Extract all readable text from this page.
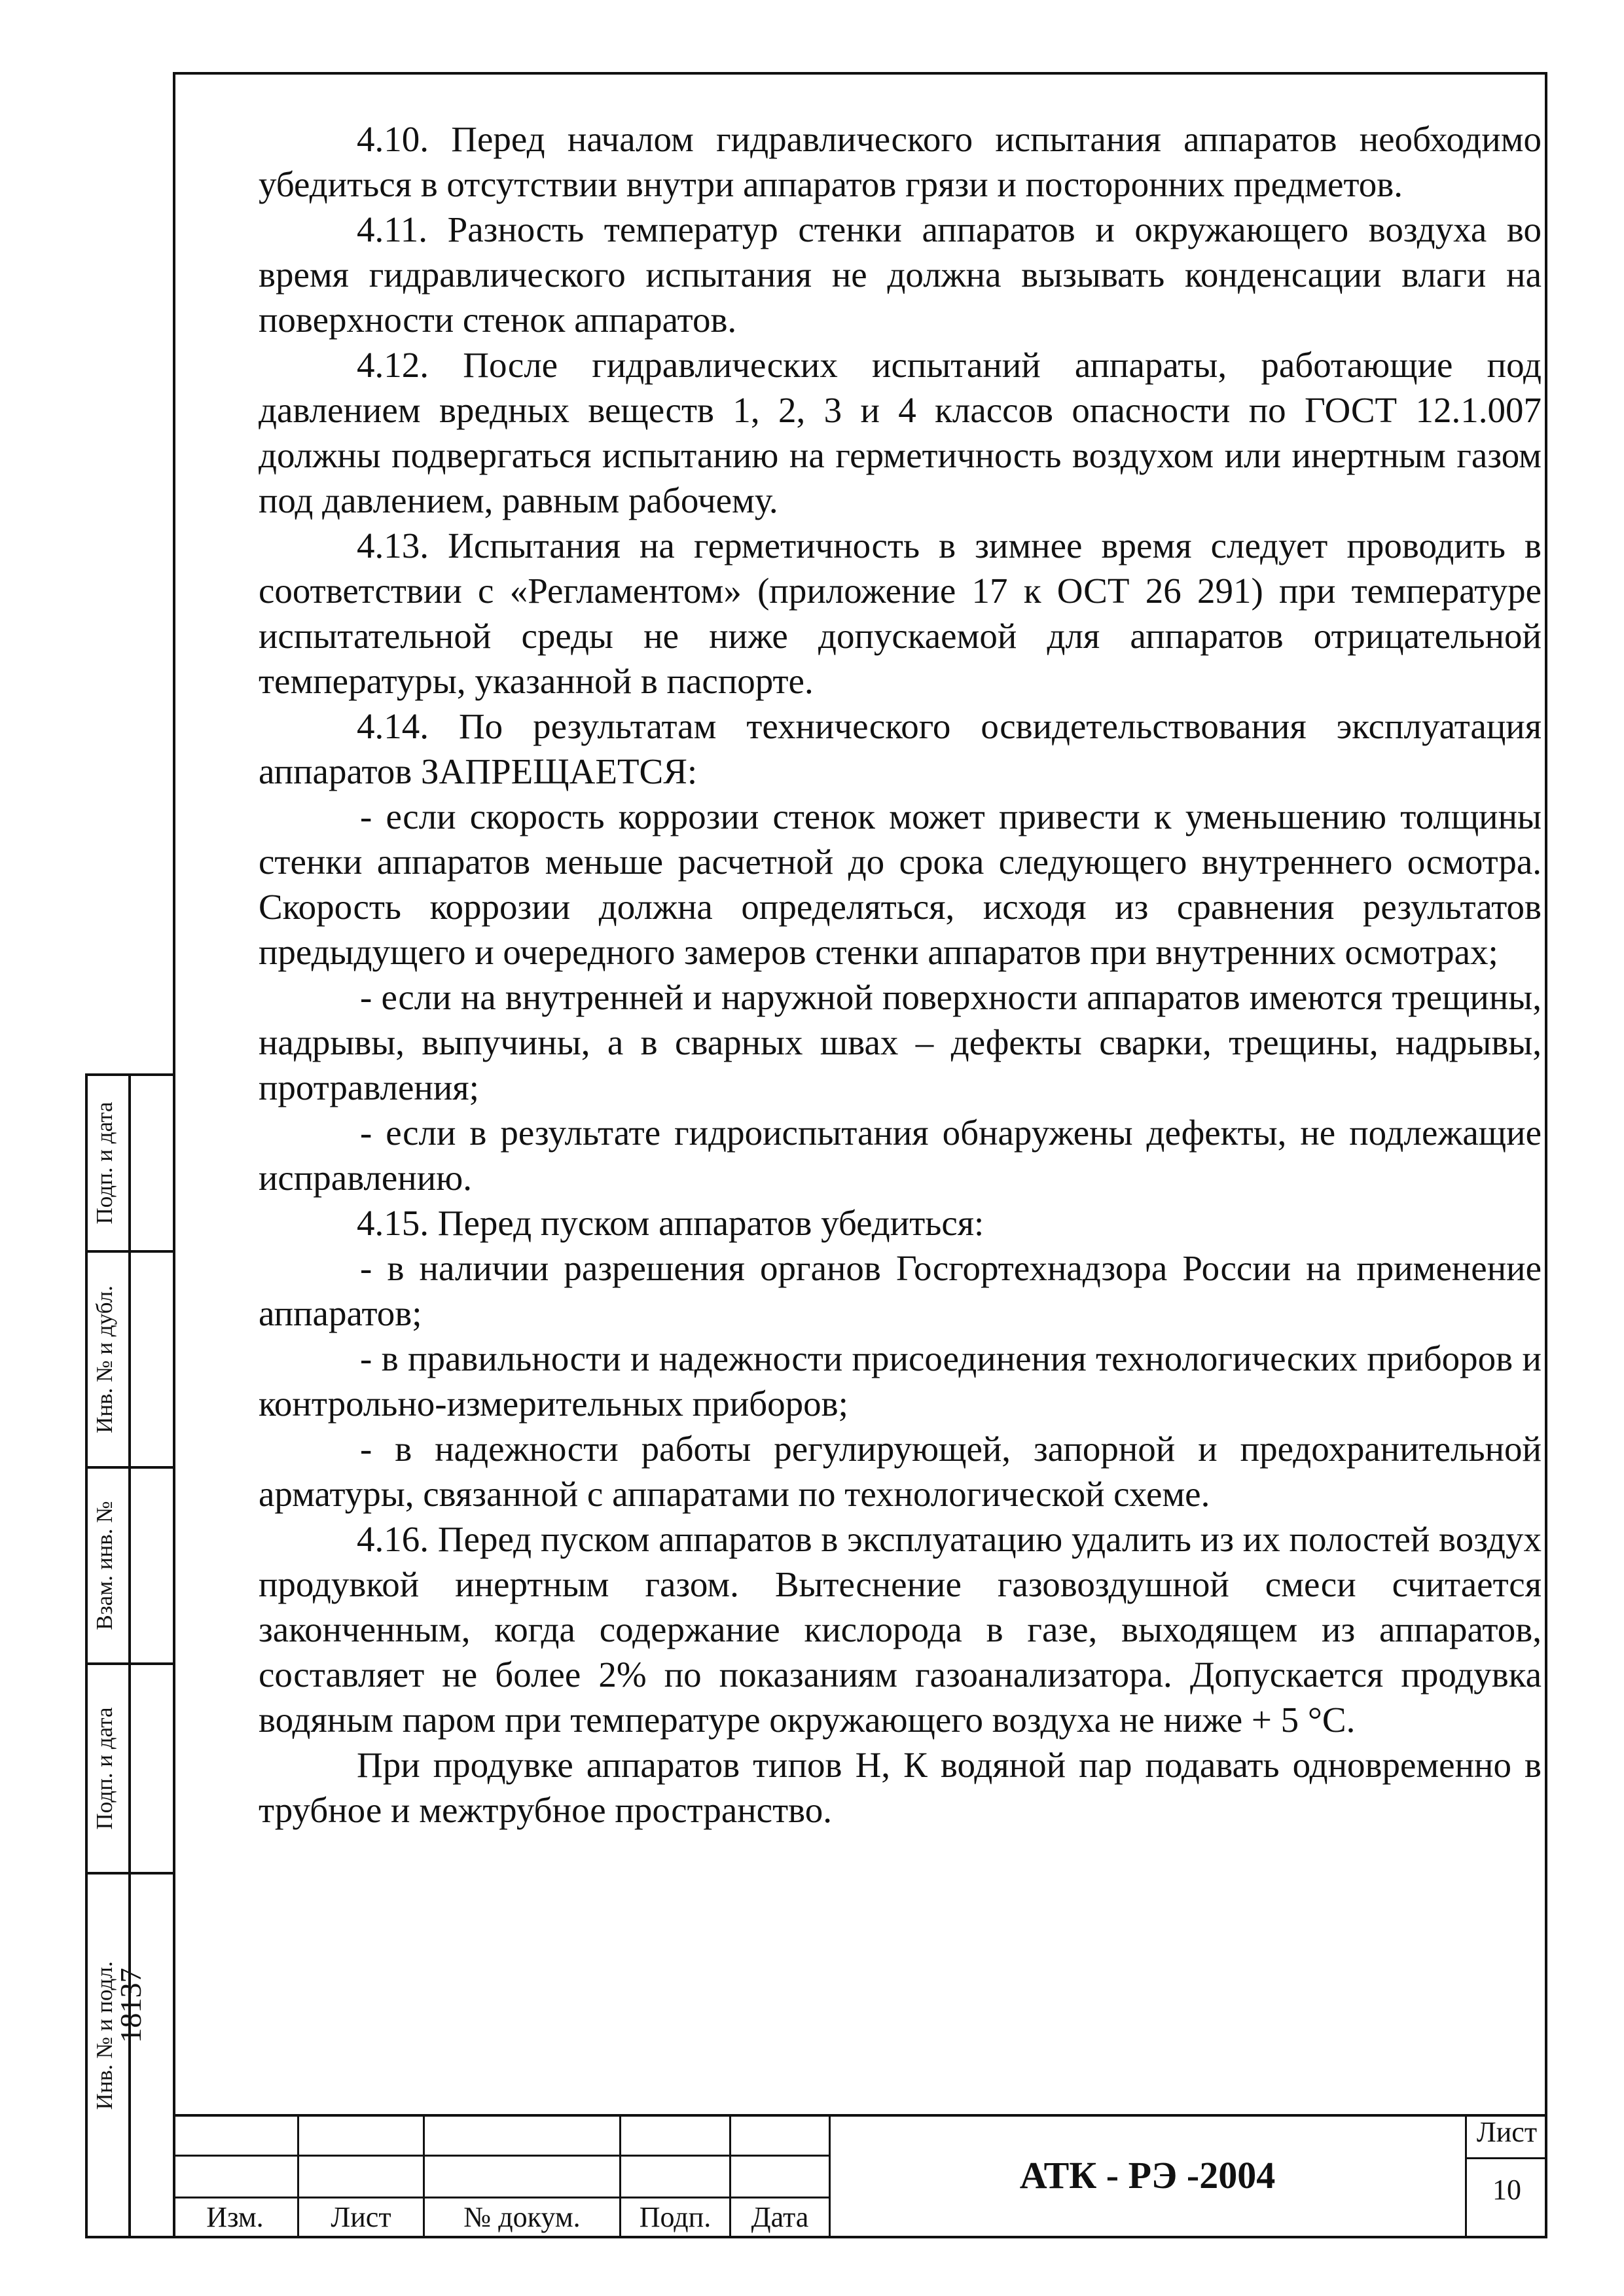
4.10. Перед началом гидравлического испытания аппаратов необходимо убедиться в отсутствии внутри аппаратов грязи и посторонних предметов.

4.11. Разность температур стенки аппаратов и окружающего воздуха во время гидравлического испытания не должна вызывать конденсации влаги на поверхности стенок аппаратов.

4.12. После гидравлических испытаний аппараты, работающие под давлением вредных веществ 1, 2, 3 и 4 классов опасности по ГОСТ 12.1.007 должны подвергаться испытанию на герметичность воздухом или инертным газом под давлением, равным рабочему.

4.13. Испытания на герметичность в зимнее время следует проводить в соответствии с «Регламентом» (приложение 17 к ОСТ 26 291) при температуре испытательной среды не ниже допускаемой для аппаратов отрицательной температуры, указанной в паспорте.

4.14. По результатам технического освидетельствования эксплуатация аппаратов ЗАПРЕЩАЕТСЯ:

- если скорость коррозии стенок может привести к уменьшению толщины стенки аппаратов меньше расчетной до срока следующего внутреннего осмотра. Скорость коррозии должна определяться, исходя из сравнения результатов предыдущего и очередного замеров стенки аппаратов при внутренних осмотрах;

- если на внутренней и наружной поверхности аппаратов имеются трещины, надрывы, выпучины, а в сварных швах – дефекты сварки, трещины, надрывы, протравления;

- если в результате гидроиспытания обнаружены дефекты, не подлежащие исправлению.

4.15. Перед пуском аппаратов убедиться:

- в наличии разрешения органов Госгортехнадзора России на применение аппаратов;

- в правильности и надежности присоединения технологических приборов и контрольно-измерительных приборов;

- в надежности работы регулирующей, запорной и предохранительной арматуры, связанной с аппаратами по технологической схеме.

4.16. Перед пуском аппаратов в эксплуатацию удалить из их полостей воздух продувкой инертным газом. Вытеснение газовоздушной смеси считается законченным, когда содержание кислорода в газе, выходящем из аппаратов, составляет не более 2% по показаниям газоанализатора. Допускается продувка водяным паром при температуре окружающего воздуха не ниже + 5 °С.

При продувке аппаратов типов Н, К водяной пар подавать одновременно в трубное и межтрубное пространство.

Подп. и дата
Инв. № и дубл.
Взам. инв. №
Подп. и дата
Инв. № и подл.
18137
Изм.	Лист	№ докум.	Подп.	Дата
АТК - РЭ -2004
Лист
10
